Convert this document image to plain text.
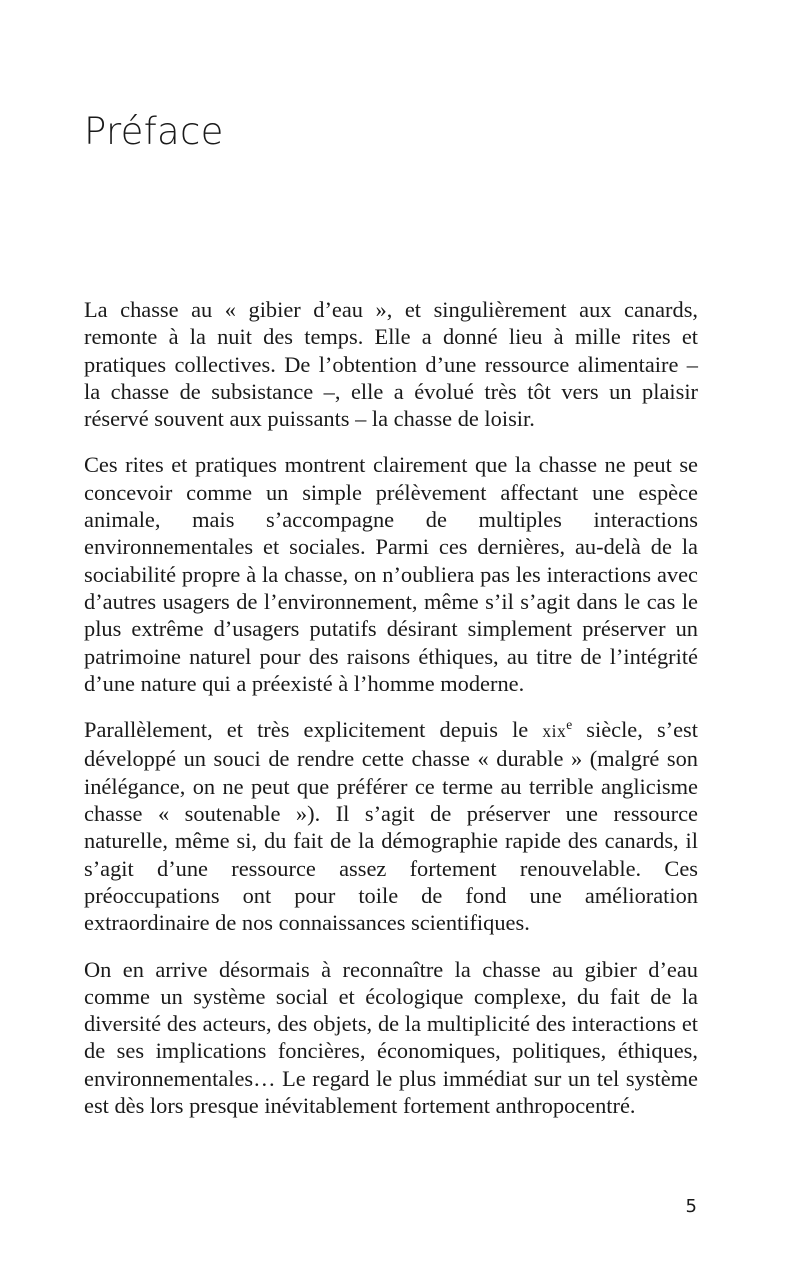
Préface

La chasse au « gibier d’eau », et singulièrement aux canards, remonte à la nuit des temps. Elle a donné lieu à mille rites et pratiques collectives. De l’obtention d’une ressource alimentaire – la chasse de subsistance –, elle a évolué très tôt vers un plaisir réservé souvent aux puissants – la chasse de loisir.

Ces rites et pratiques montrent clairement que la chasse ne peut se concevoir comme un simple prélèvement affectant une espèce animale, mais s’accompagne de multiples interactions environnementales et sociales. Parmi ces dernières, au-delà de la sociabilité propre à la chasse, on n’oubliera pas les interactions avec d’autres usagers de l’environnement, même s’il s’agit dans le cas le plus extrême d’usagers putatifs désirant simplement préserver un patrimoine naturel pour des raisons éthiques, au titre de l’intégrité d’une nature qui a préexisté à l’homme moderne.

Parallèlement, et très explicitement depuis le xix$^e$ siècle, s’est développé un souci de rendre cette chasse « durable » (malgré son inélégance, on ne peut que préférer ce terme au terrible anglicisme chasse « soutenable »). Il s’agit de préserver une ressource naturelle, même si, du fait de la démographie rapide des canards, il s’agit d’une ressource assez fortement renouvelable. Ces préoccupations ont pour toile de fond une amélioration extraordinaire de nos connaissances scientifiques.

On en arrive désormais à reconnaître la chasse au gibier d’eau comme un système social et écologique complexe, du fait de la diversité des acteurs, des objets, de la multiplicité des interactions et de ses implications foncières, économiques, politiques, éthiques, environnementales… Le regard le plus immédiat sur un tel système est dès lors presque inévitablement fortement anthropocentré.

5
